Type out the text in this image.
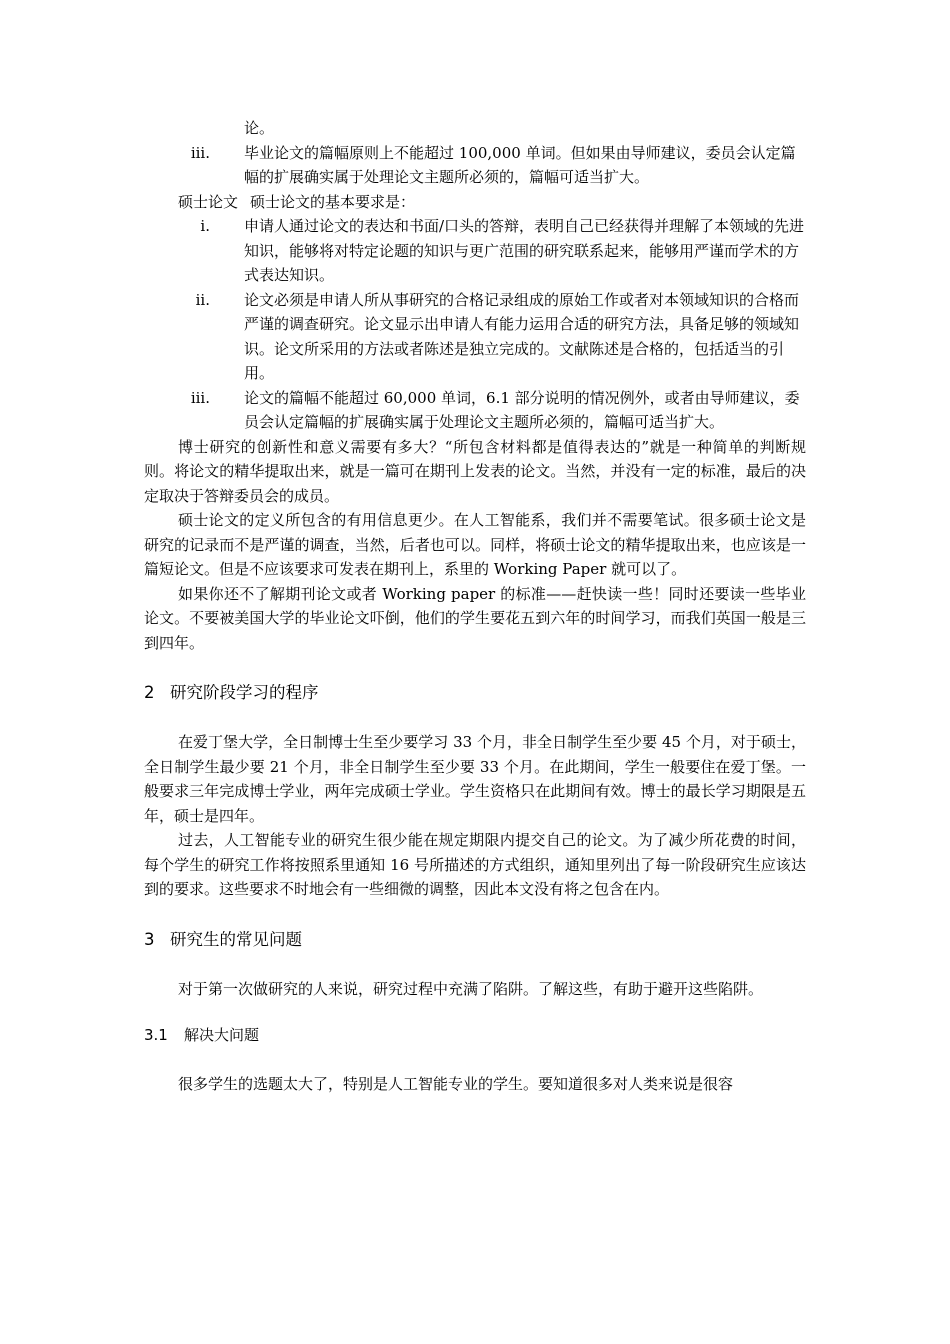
论。
iii. 毕业论文的篇幅原则上不能超过 100,000 单词。但如果由导师建议，委员会认定篇幅的扩展确实属于处理论文主题所必须的，篇幅可适当扩大。
硕士论文 硕士论文的基本要求是：
i. 申请人通过论文的表达和书面/口头的答辩，表明自己已经获得并理解了本领域的先进知识，能够将对特定论题的知识与更广范围的研究联系起来，能够用严谨而学术的方式表达知识。
ii. 论文必须是申请人所从事研究的合格记录组成的原始工作或者对本领域知识的合格而严谨的调查研究。论文显示出申请人有能力运用合适的研究方法，具备足够的领域知识。论文所采用的方法或者陈述是独立完成的。文献陈述是合格的，包括适当的引用。
iii. 论文的篇幅不能超过 60,000 单词，6.1 部分说明的情况例外，或者由导师建议，委员会认定篇幅的扩展确实属于处理论文主题所必须的，篇幅可适当扩大。

博士研究的创新性和意义需要有多大？“所包含材料都是值得表达的”就是一种简单的判断规则。将论文的精华提取出来，就是一篇可在期刊上发表的论文。当然，并没有一定的标准，最后的决定取决于答辩委员会的成员。

硕士论文的定义所包含的有用信息更少。在人工智能系，我们并不需要笔试。很多硕士论文是研究的记录而不是严谨的调查，当然，后者也可以。同样，将硕士论文的精华提取出来，也应该是一篇短论文。但是不应该要求可发表在期刊上，系里的 Working Paper 就可以了。

如果你还不了解期刊论文或者 Working paper 的标准——赶快读一些！同时还要读一些毕业论文。不要被美国大学的毕业论文吓倒，他们的学生要花五到六年的时间学习，而我们英国一般是三到四年。

2 研究阶段学习的程序

在爱丁堡大学，全日制博士生至少要学习 33 个月，非全日制学生至少要 45 个月，对于硕士，全日制学生最少要 21 个月，非全日制学生至少要 33 个月。在此期间，学生一般要住在爱丁堡。一般要求三年完成博士学业，两年完成硕士学业。学生资格只在此期间有效。博士的最长学习期限是五年，硕士是四年。

过去，人工智能专业的研究生很少能在规定期限内提交自己的论文。为了减少所花费的时间，每个学生的研究工作将按照系里通知 16 号所描述的方式组织，通知里列出了每一阶段研究生应该达到的要求。这些要求不时地会有一些细微的调整，因此本文没有将之包含在内。

3 研究生的常见问题

对于第一次做研究的人来说，研究过程中充满了陷阱。了解这些，有助于避开这些陷阱。

3.1 解决大问题

很多学生的选题太大了，特别是人工智能专业的学生。要知道很多对人类来说是很容
